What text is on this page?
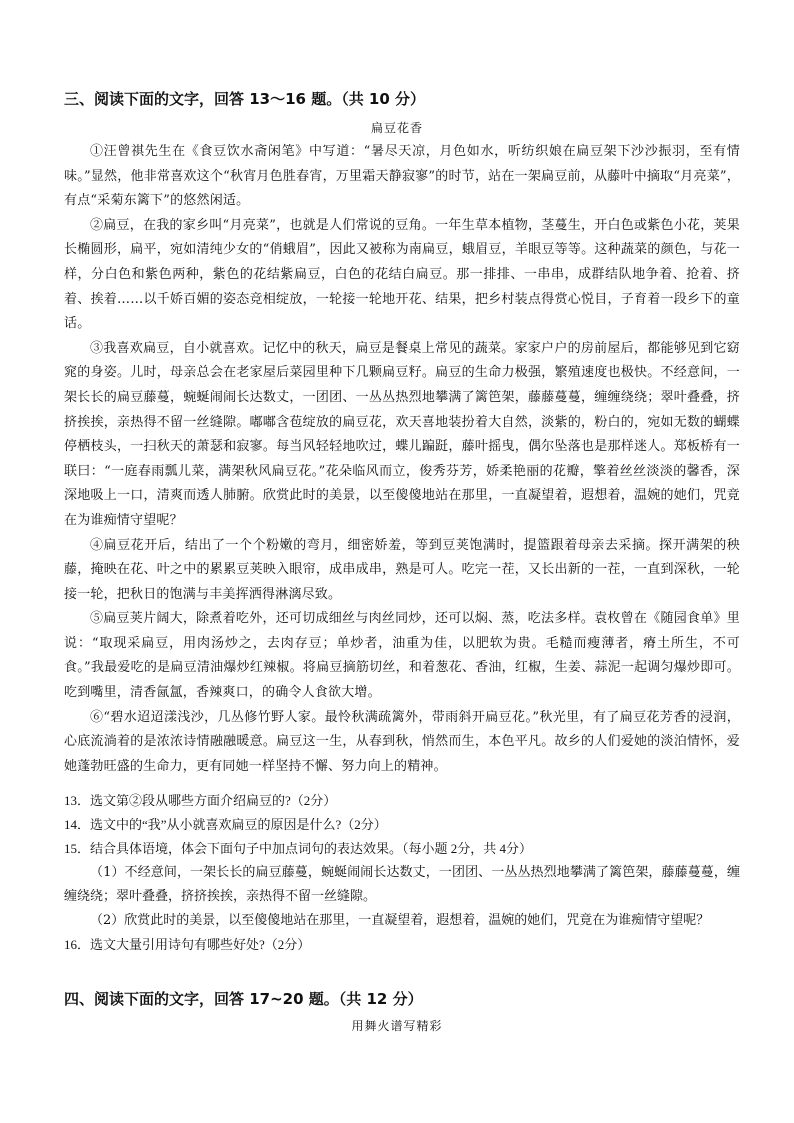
三、阅读下面的文字，回答 13～16 题。（共 10 分）
扁豆花香

①汪曾祺先生在《食豆饮水斋闲笔》中写道：“暑尽天凉，月色如水，听纺织娘在扁豆架下沙沙振羽，至有情味。”显然，他非常喜欢这个“秋宵月色胜春宵，万里霜天静寂寥”的时节，站在一架扁豆前，从藤叶中摘取“月亮菜”，有点“采菊东篱下”的悠然闲适。

②扁豆，在我的家乡叫“月亮菜”，也就是人们常说的豆角。一年生草本植物，茎蔓生，开白色或紫色小花，荚果长椭圆形，扁平，宛如清纯少女的“俏蛾眉”，因此又被称为南扁豆，蛾眉豆，羊眼豆等等。这种蔬菜的颜色，与花一样，分白色和紫色两种，紫色的花结紫扁豆，白色的花结白扁豆。那一排排、一串串，成群结队地争着、抢着、挤着、挨着……以千娇百媚的姿态竞相绽放，一轮接一轮地开花、结果，把乡村装点得赏心悦目，子育着一段乡下的童话。

③我喜欢扁豆，自小就喜欢。记忆中的秋天，扁豆是餐桌上常见的蔬菜。家家户户的房前屋后，都能够见到它窈窕的身姿。儿时，母亲总会在老家屋后菜园里种下几颗扁豆籽。扁豆的生命力极强，繁殖速度也极快。不经意间，一架长长的扁豆藤蔓，蜿蜒闹闹长达数丈，一团团、一丛丛热烈地攀满了篱笆架，藤藤蔓蔓，缠缠绕绕；翠叶叠叠，挤挤挨挨，亲热得不留一丝缝隙。嘟嘟含苞绽放的扁豆花，欢天喜地装扮着大自然，淡紫的，粉白的，宛如无数的蝴蝶停栖枝头，一扫秋天的萧瑟和寂寥。每当风轻轻地吹过，蝶儿蹁跹，藤叶摇曳，偶尔坠落也是那样迷人。郑板桥有一联曰：“一庭春雨瓢儿菜，满架秋风扁豆花。”花朵临风而立，俊秀芬芳，娇柔艳丽的花瓣，擎着丝丝淡淡的馨香，深深地吸上一口，清爽而透人肺腑。欣赏此时的美景，以至傻傻地站在那里，一直凝望着，遐想着，温婉的她们，咒竟在为谁痴情守望呢？

④扁豆花开后，结出了一个个粉嫩的弯月，细密娇羞，等到豆荚饱满时，提篮跟着母亲去采摘。探开满架的秧藤，掩映在花、叶之中的累累豆荚映入眼帘，成串成串，熟是可人。吃完一茬，又长出新的一茬，一直到深秋，一轮接一轮，把秋日的饱满与丰美挥洒得淋漓尽致。

⑤扁豆荚片阔大，除煮着吃外，还可切成细丝与肉丝同炒，还可以焖、蒸，吃法多样。袁枚曾在《随园食单》里说：“取现采扁豆，用肉汤炒之，去肉存豆；单炒者，油重为佳，以肥软为贵。毛糙而瘦薄者，瘠土所生，不可食。”我最爱吃的是扁豆清油爆炒红辣椒。将扁豆摘筋切丝，和着葱花、香油，红椒，生姜、蒜泥一起调匀爆炒即可。吃到嘴里，清香氤氲，香辣爽口，的确令人食欲大增。

⑥“碧水迢迢漾浅沙，几丛修竹野人家。最怜秋满疏篱外，带雨斜开扁豆花。”秋光里，有了扁豆花芳香的浸润，心底流淌着的是浓浓诗情融融暖意。扁豆这一生，从春到秋，悄然而生，本色平凡。故乡的人们爱她的淡泊情怀，爱她蓬勃旺盛的生命力，更有同她一样坚持不懈、努力向上的精神。

13．选文第②段从哪些方面介绍扁豆的?（2分）

14．选文中的“我”从小就喜欢扁豆的原因是什么?（2分）

15．结合具体语境，体会下面句子中加点词句的表达效果。（每小题 2分，共 4分）

（1）不经意间，一架长长的扁豆藤蔓，蜿蜒闹闹长达数丈，一团团、一丛丛热烈地攀满了篱笆架，藤藤蔓蔓，缠缠绕绕；翠叶叠叠，挤挤挨挨，亲热得不留一丝缝隙。

（2）欣赏此时的美景，以至傻傻地站在那里，一直凝望着，遐想着，温婉的她们，咒竟在为谁痴情守望呢？

16．选文大量引用诗句有哪些好处?（2分）

四、阅读下面的文字，回答 17~20 题。（共 12 分）
用舞火谱写精彩
